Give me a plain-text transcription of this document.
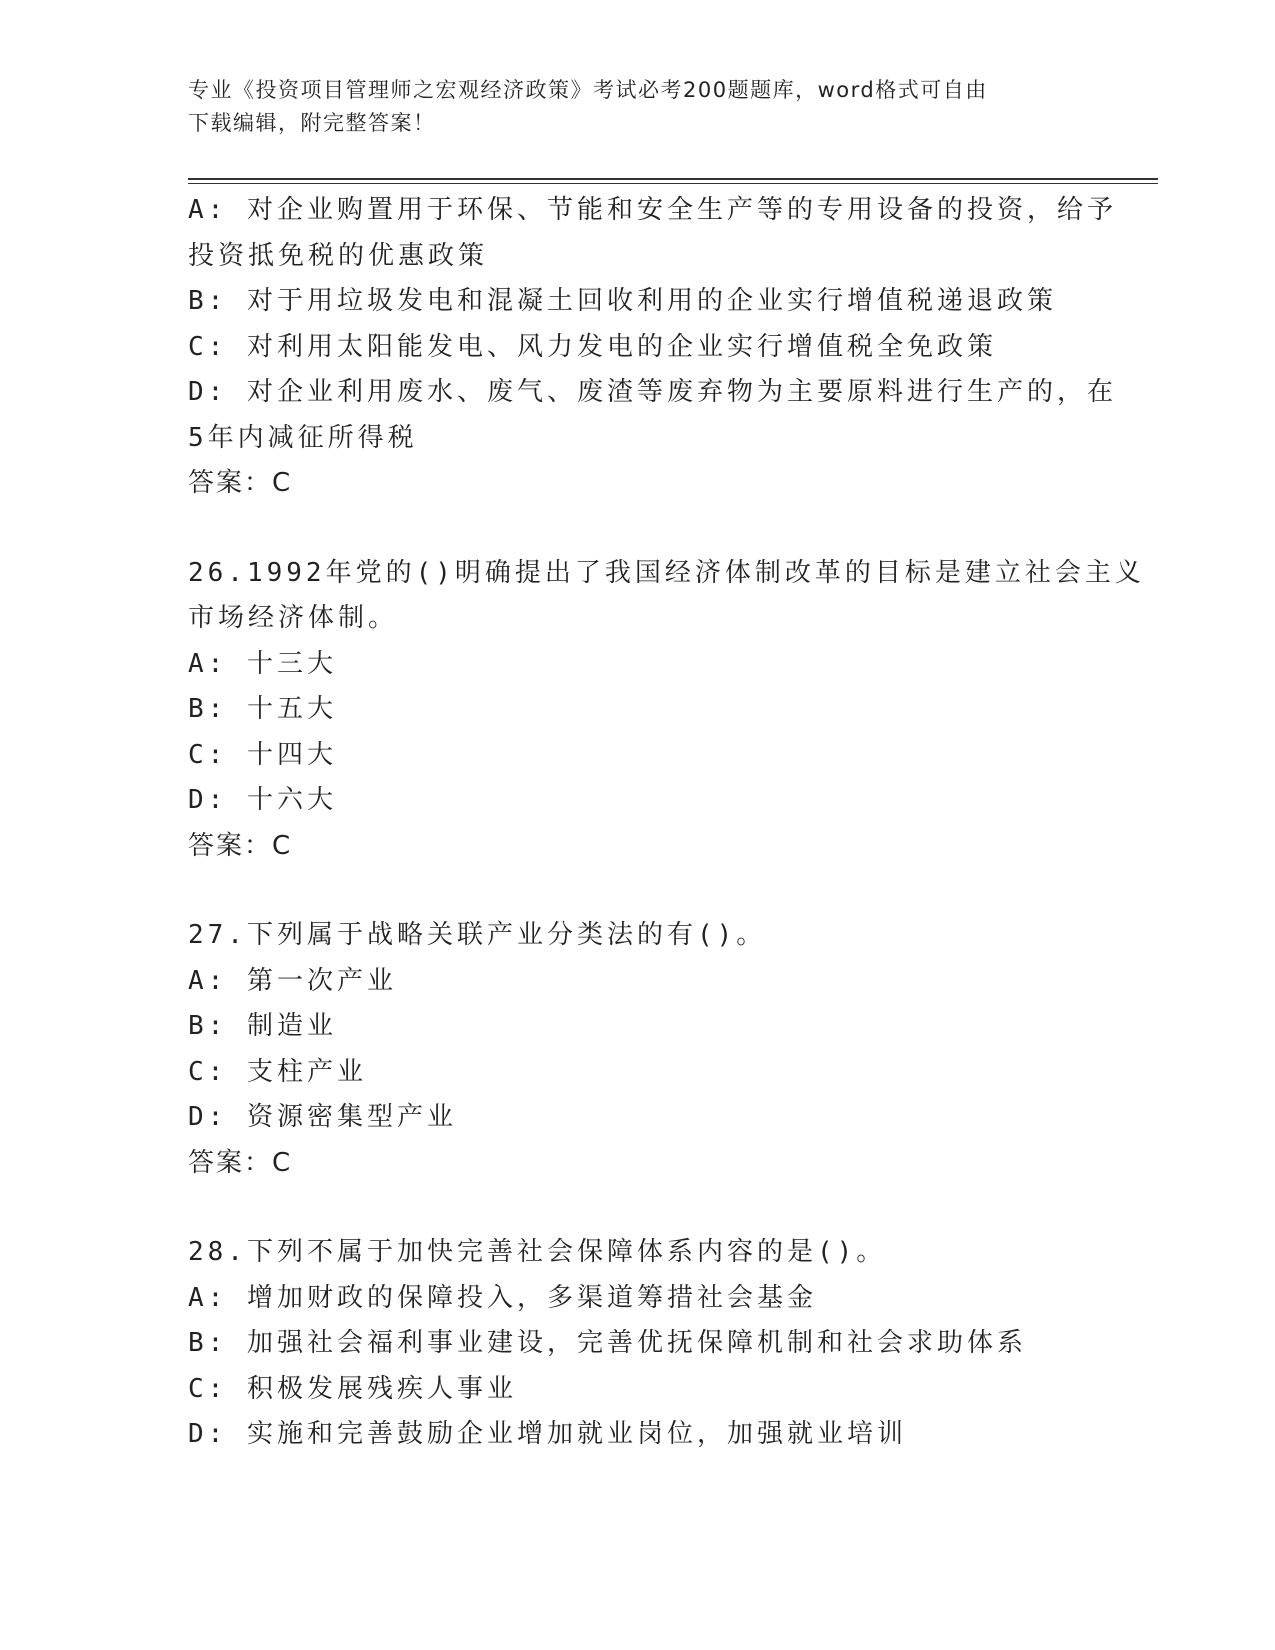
专业《投资项目管理师之宏观经济政策》考试必考200题题库，word格式可自由
下载编辑，附完整答案！

A: 对企业购置用于环保、节能和安全生产等的专用设备的投资，给予

投资抵免税的优惠政策

B: 对于用垃圾发电和混凝土回收利用的企业实行增值税递退政策

C: 对利用太阳能发电、风力发电的企业实行增值税全免政策

D: 对企业利用废水、废气、废渣等废弃物为主要原料进行生产的，在

5年内减征所得税

答案：C

26.1992年党的()明确提出了我国经济体制改革的目标是建立社会主义

市场经济体制。

A: 十三大

B: 十五大

C: 十四大

D: 十六大

答案：C

27.下列属于战略关联产业分类法的有()。

A: 第一次产业

B: 制造业

C: 支柱产业

D: 资源密集型产业

答案：C

28.下列不属于加快完善社会保障体系内容的是()。

A: 增加财政的保障投入，多渠道筹措社会基金

B: 加强社会福利事业建设，完善优抚保障机制和社会求助体系

C: 积极发展残疾人事业

D: 实施和完善鼓励企业增加就业岗位，加强就业培训
